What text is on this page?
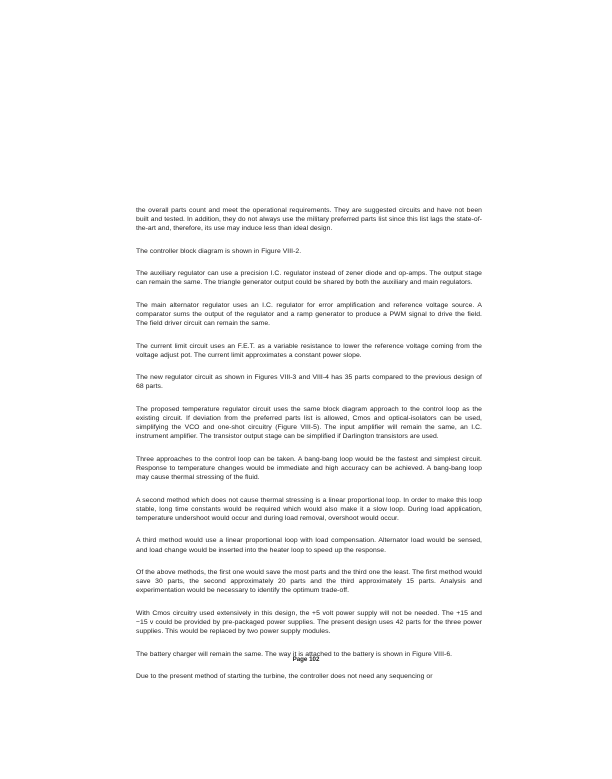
the overall parts count and meet the operational requirements. They are suggested circuits and have not been built and tested. In addition, they do not always use the military preferred parts list since this list lags the state-of-the-art and, therefore, its use may induce less than ideal design.

The controller block diagram is shown in Figure VIII-2.

The auxiliary regulator can use a precision I.C. regulator instead of zener diode and op-amps. The output stage can remain the same. The triangle generator output could be shared by both the auxiliary and main regulators.

The main alternator regulator uses an I.C. regulator for error amplification and reference voltage source. A comparator sums the output of the regulator and a ramp generator to produce a PWM signal to drive the field. The field driver circuit can remain the same.

The current limit circuit uses an F.E.T. as a variable resistance to lower the reference voltage coming from the voltage adjust pot. The current limit approximates a constant power slope.

The new regulator circuit as shown in Figures VIII-3 and VIII-4 has 35 parts compared to the previous design of 68 parts.

The proposed temperature regulator circuit uses the same block diagram approach to the control loop as the existing circuit. If deviation from the preferred parts list is allowed, Cmos and optical-isolators can be used, simplifying the VCO and one-shot circuitry (Figure VIII-5). The input amplifier will remain the same, an I.C. instrument amplifier. The transistor output stage can be simplified if Darlington transistors are used.

Three approaches to the control loop can be taken. A bang-bang loop would be the fastest and simplest circuit. Response to temperature changes would be immediate and high accuracy can be achieved. A bang-bang loop may cause thermal stressing of the fluid.

A second method which does not cause thermal stressing is a linear proportional loop. In order to make this loop stable, long time constants would be required which would also make it a slow loop. During load application, temperature undershoot would occur and during load removal, overshoot would occur.

A third method would use a linear proportional loop with load compensation. Alternator load would be sensed, and load change would be inserted into the heater loop to speed up the response.

Of the above methods, the first one would save the most parts and the third one the least. The first method would save 30 parts, the second approximately 20 parts and the third approximately 15 parts. Analysis and experimentation would be necessary to identify the optimum trade-off.

With Cmos circuitry used extensively in this design, the +5 volt power supply will not be needed. The +15 and −15 v could be provided by pre-packaged power supplies. The present design uses 42 parts for the three power supplies. This would be replaced by two power supply modules.

The battery charger will remain the same. The way it is attached to the battery is shown in Figure VIII-6.

Due to the present method of starting the turbine, the controller does not need any sequencing or

Page 102
